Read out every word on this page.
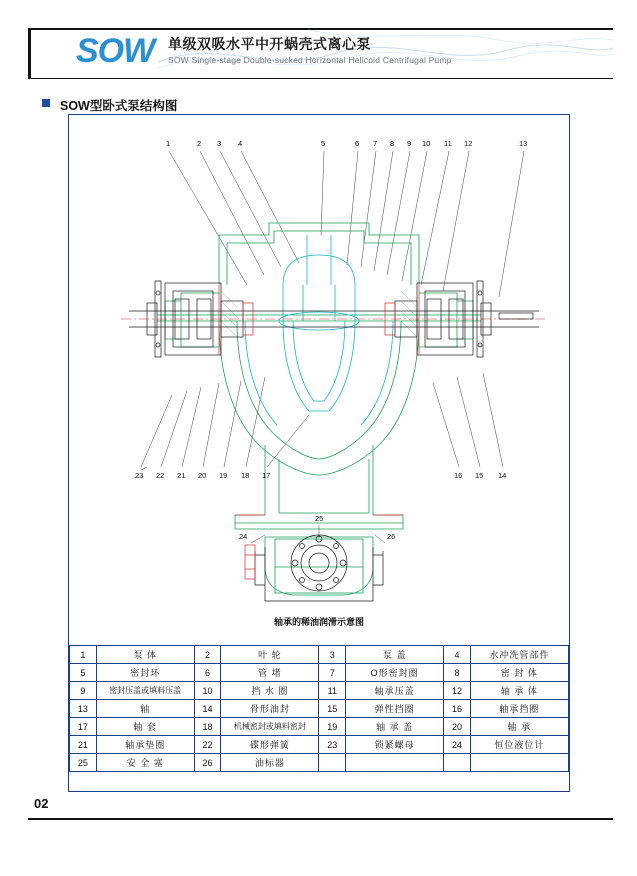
SOW 单级双吸水平中开蜗壳式离心泵
SOW Single-stage Double-sucked Horizontal Helicoid Centrifugal Pump
SOW型卧式泵结构图
1	2 3 4	5	6 7 8 9 10 11 12	13
23 22 21 20 19 18 17	16 15 14
25
24	26
轴承的稀油润滑示意图
1	泵 体	2	叶 轮	3	泵 盖	4	水冲洗管部件
5	密封环	6	管 堵	7	O形密封圈	8	密 封 体
9	密封压盖或填料压盖	10	挡 水 圈	11	轴承压盖	12	轴 承 体
13	轴	14	骨形油封	15	弹性挡圈	16	轴承挡圈
17	轴 套	18	机械密封或填料密封	19	轴 承 盖	20	轴 承
21	轴承垫圈	22	碟形弹簧	23	锁紧螺母	24	恒位液位计
25	安 全 塞	26	油标器				
02
